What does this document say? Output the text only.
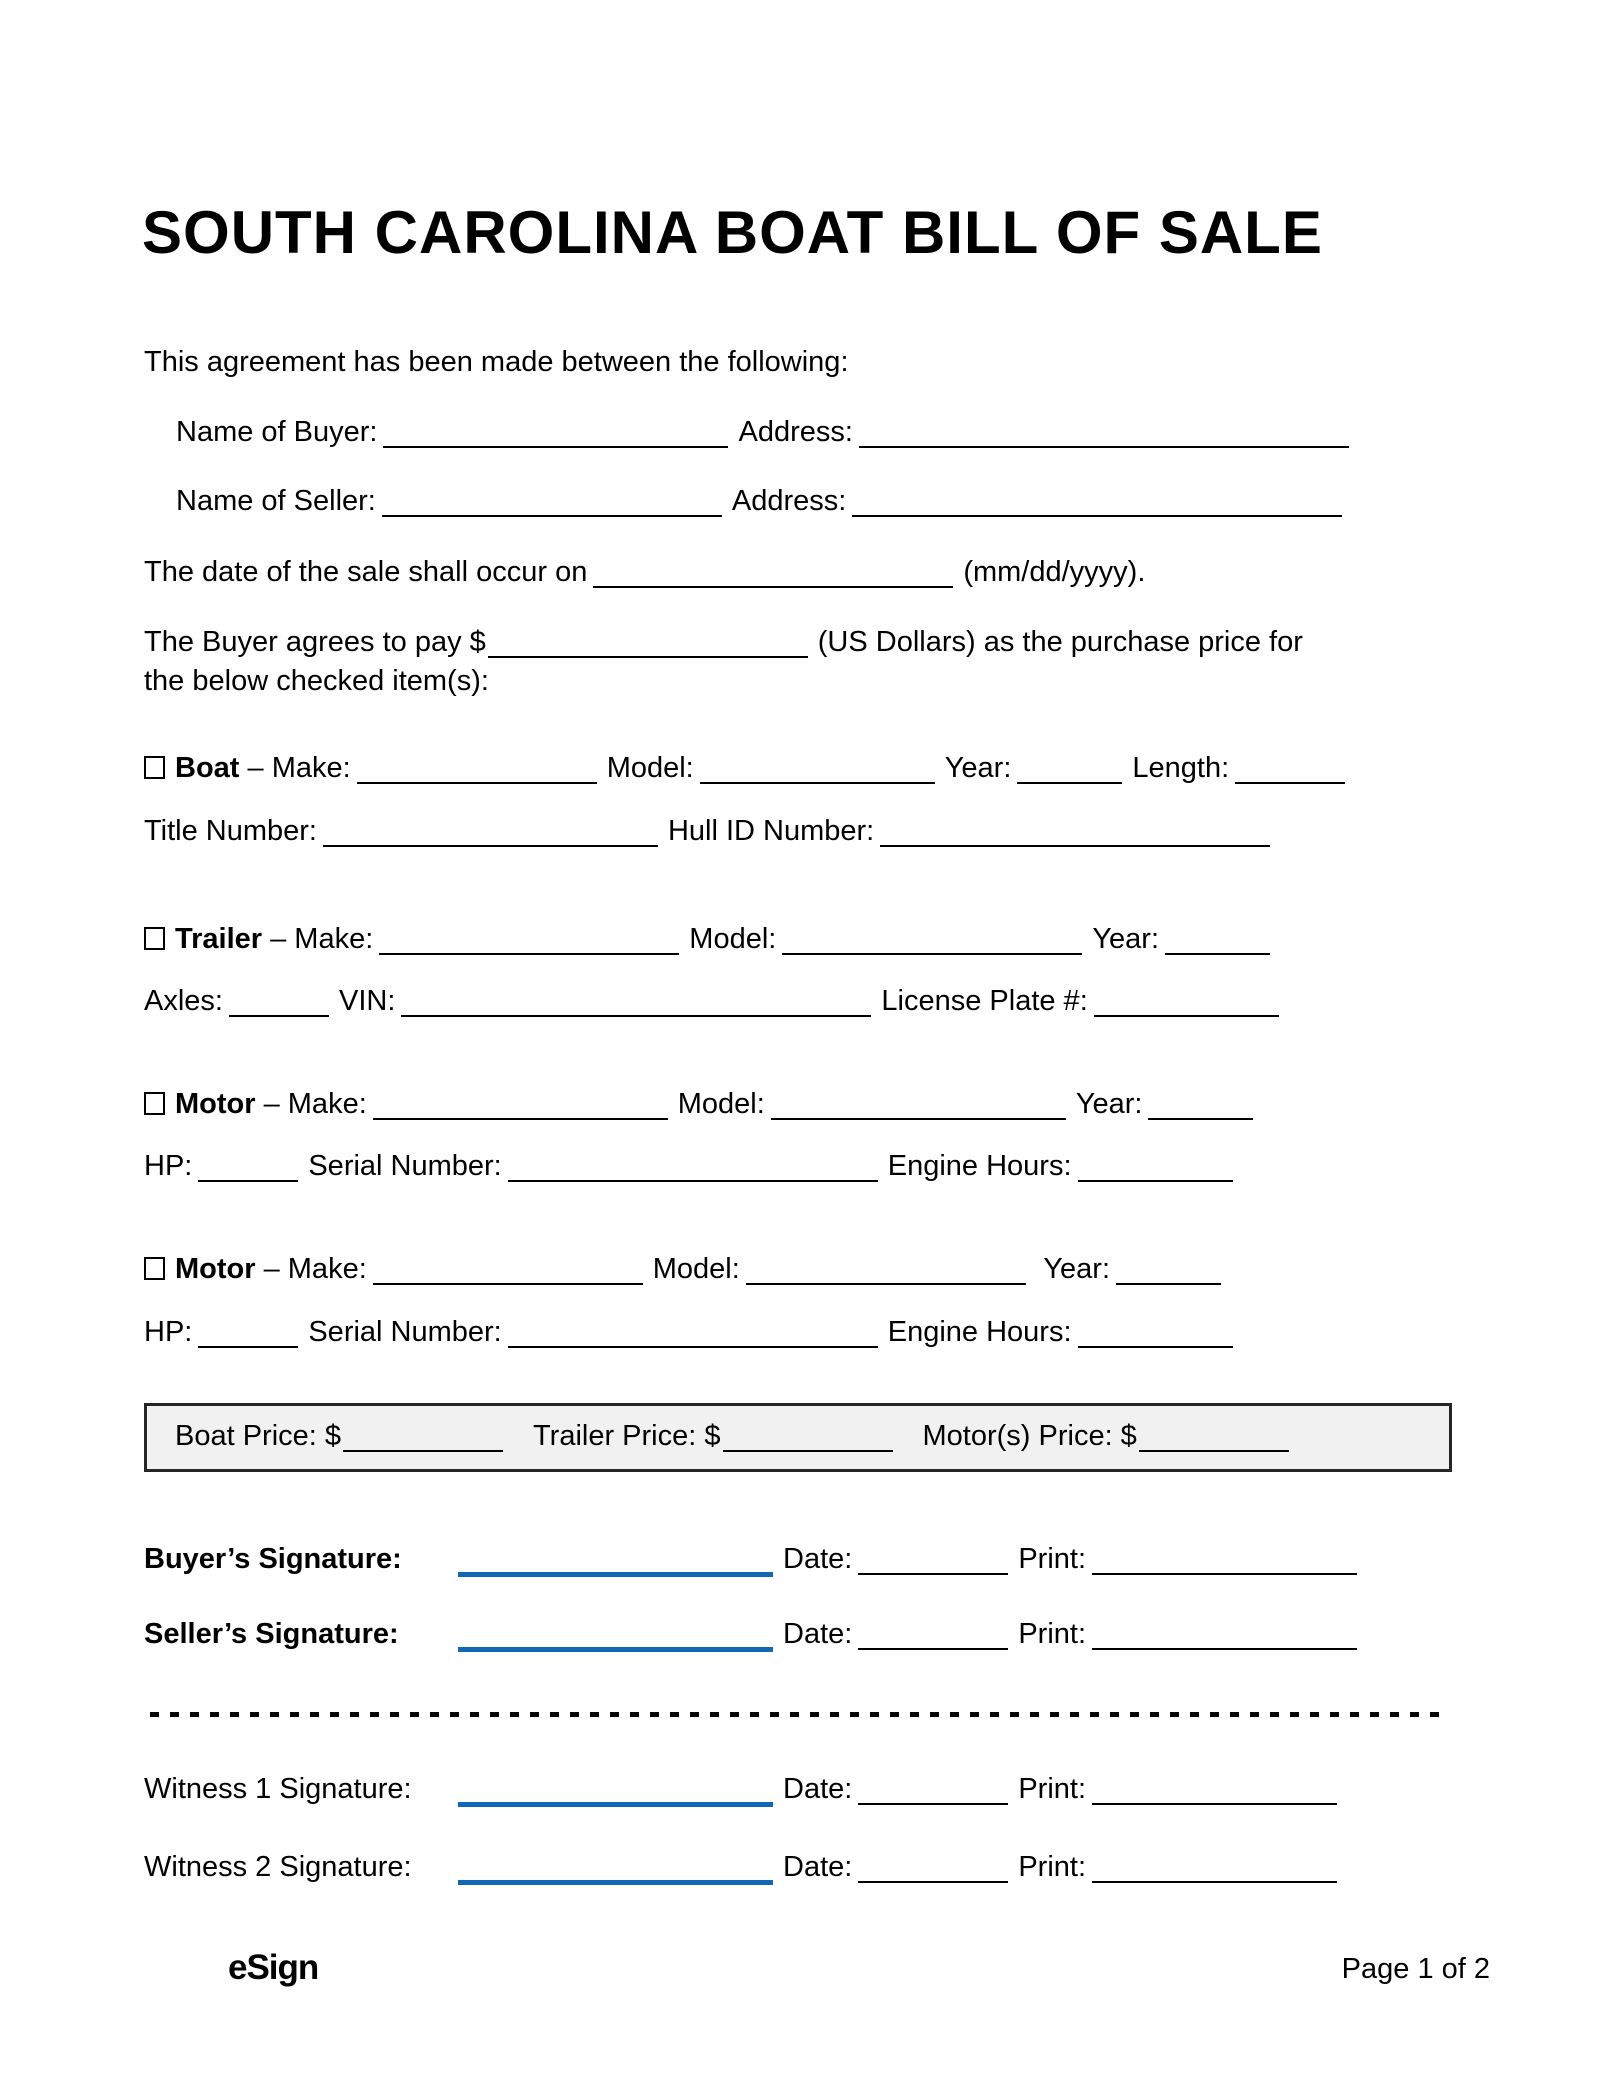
SOUTH CAROLINA BOAT BILL OF SALE
This agreement has been made between the following:
Name of Buyer:	Address:
Name of Seller:	Address:
The date of the sale shall occur on	(mm/dd/yyyy).
The Buyer agrees to pay $	(US Dollars) as the purchase price for
the below checked item(s):
Boat – Make:	Model:	Year:	Length:
Title Number:	Hull ID Number:
Trailer – Make:	Model:	Year:
Axles:	VIN:	License Plate #:
Motor – Make:	Model:	Year:
HP:	Serial Number:	Engine Hours:
Motor – Make:	Model:	Year:
HP:	Serial Number:	Engine Hours:
Boat Price: $	Trailer Price: $	Motor(s) Price: $
Buyer’s Signature:	Date:	Print:
Seller’s Signature:	Date:	Print:
Witness 1 Signature:	Date:	Print:
Witness 2 Signature:	Date:	Print:
eSign	Page 1 of 2
